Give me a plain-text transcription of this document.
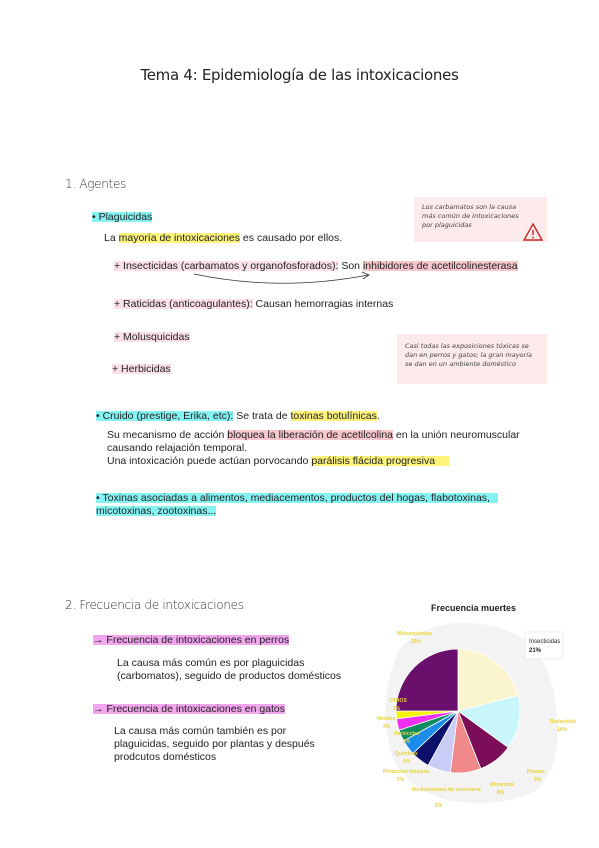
Tema 4: Epidemiología de las intoxicaciones
1. Agentes
• Plaguicidas
La mayoría de intoxicaciones es causado por ellos.
+ Insecticidas (carbamatos y organofosforados): Son inhibidores de acetilcolinesterasa
+ Raticidas (anticoagulantes): Causan hemorragias internas
+ Molusquicidas
+ Herbicidas
Los carbamatos son la causa más común de intoxicaciones por plaguicidas
Casi todas las exposiciones tóxicas se dan en perros y gatos; la gran mayoría se dan en un ambiente doméstico
• Cruido (prestige, Erika, etc): Se trata de toxinas botulínicas.
Su mecanismo de acción bloquea la liberación de acetilcolina en la unión neuromuscular
causando relajación temporal.
Una intoxicación puede actúan porvocando parálisis flácida progresiva
• Toxinas asociadas a alimentos, mediacementos, productos del hogas, flabotoxinas,
micotoxinas, zootoxinas...
2. Frecuencia de intoxicaciones
→ Frecuencia de intoxicaciones en perros
La causa más común es por plaguicidas
(carbomatos), seguido de productos domésticos
→ Frecuencia de intoxicaciones en gatos
La causa más común también es por
plaguicidas, seguido por plantas y después
prodcutos domésticos
Frecuencia muertes
Insecticidas
21%
Molusquicidas
25%
Rodenticid
14%
Plantas
9%
Alimentos
8%
Medicamentos de veterinaria
6%
Productos limpieza
5%
Químicos
4%
Herbicidas
3%
Metales
3%
OTROS
2%
